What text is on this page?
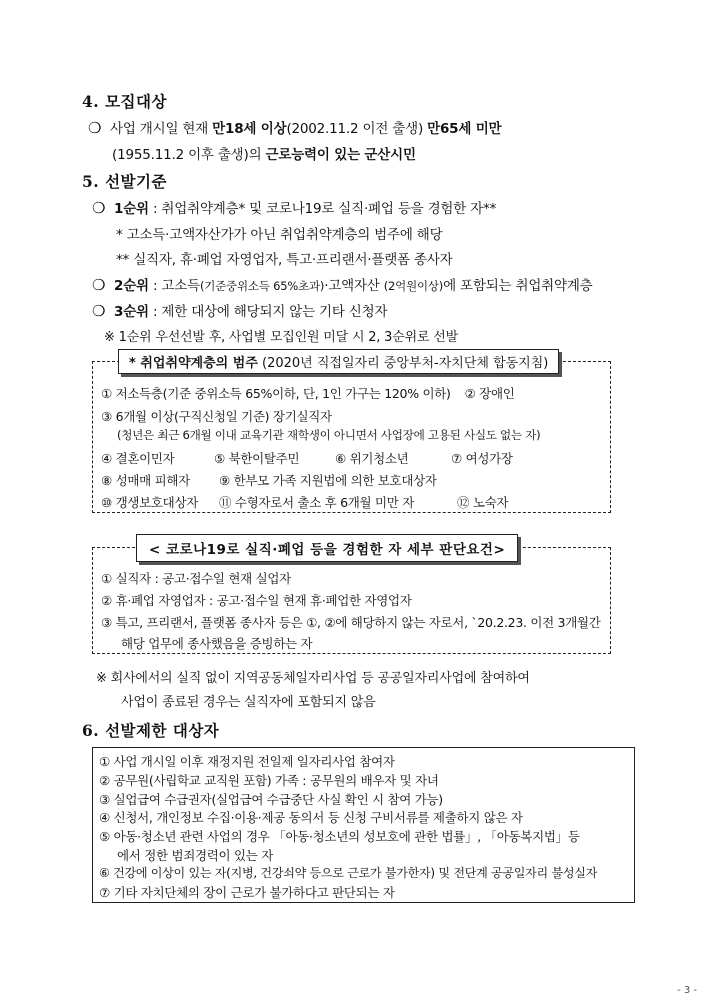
4. 모집대상
❍ 사업 개시일 현재 만18세 이상(2002.11.2 이전 출생) 만65세 미만
(1955.11.2 이후 출생)의 근로능력이 있는 군산시민
5. 선발기준
❍ 1순위 : 취업취약계층* 및 코로나19로 실직·폐업 등을 경험한 자**
* 고소득·고액자산가가 아닌 취업취약계층의 범주에 해당
** 실직자, 휴·폐업 자영업자, 특고·프리랜서·플랫폼 종사자
❍ 2순위 : 고소득(기준중위소득 65%초과)·고액자산 (2억원이상)에 포함되는 취업취약계층
❍ 3순위 : 제한 대상에 해당되지 않는 기타 신청자
※ 1순위 우선선발 후, 사업별 모집인원 미달 시 2, 3순위로 선발
* 취업취약계층의 범주 (2020년 직접일자리 중앙부처-자치단체 합동지침)
① 저소득층(기준 중위소득 65%이하, 단, 1인 가구는 120% 이하) ② 장애인
③ 6개월 이상(구직신청일 기준) 장기실직자
(청년은 최근 6개월 이내 교육기관 재학생이 아니면서 사업장에 고용된 사실도 없는 자)
④ 결혼이민자	⑤ 북한이탈주민	⑥ 위기청소년	⑦ 여성가장
⑧ 성매매 피해자 ⑨ 한부모 가족 지원법에 의한 보호대상자
⑩ 갱생보호대상자 ⑪ 수형자로서 출소 후 6개월 미만 자	⑫ 노숙자
< 코로나19로 실직·폐업 등을 경험한 자 세부 판단요건>
① 실직자 : 공고·접수일 현재 실업자
② 휴·폐업 자영업자 : 공고·접수일 현재 휴·폐업한 자영업자
③ 특고, 프리랜서, 플랫폼 종사자 등은 ①, ②에 해당하지 않는 자로서, `20.2.23. 이전 3개월간
해당 업무에 종사했음을 증빙하는 자
※ 회사에서의 실직 없이 지역공동체일자리사업 등 공공일자리사업에 참여하여
사업이 종료된 경우는 실직자에 포함되지 않음
6. 선발제한 대상자
① 사업 개시일 이후 재정지원 전일제 일자리사업 참여자
② 공무원(사립학교 교직원 포함) 가족 : 공무원의 배우자 및 자녀
③ 실업급여 수급권자(실업급여 수급중단 사실 확인 시 참여 가능)
④ 신청서, 개인정보 수집·이용·제공 동의서 등 신청 구비서류를 제출하지 않은 자
⑤ 아동·청소년 관련 사업의 경우 「아동·청소년의 성보호에 관한 법률」, 「아동복지법」등
에서 정한 범죄경력이 있는 자
⑥ 건강에 이상이 있는 자(지병, 건강쇠약 등으로 근로가 불가한자) 및 전단계 공공일자리 불성실자
⑦ 기타 자치단체의 장이 근로가 불가하다고 판단되는 자
- 3 -
